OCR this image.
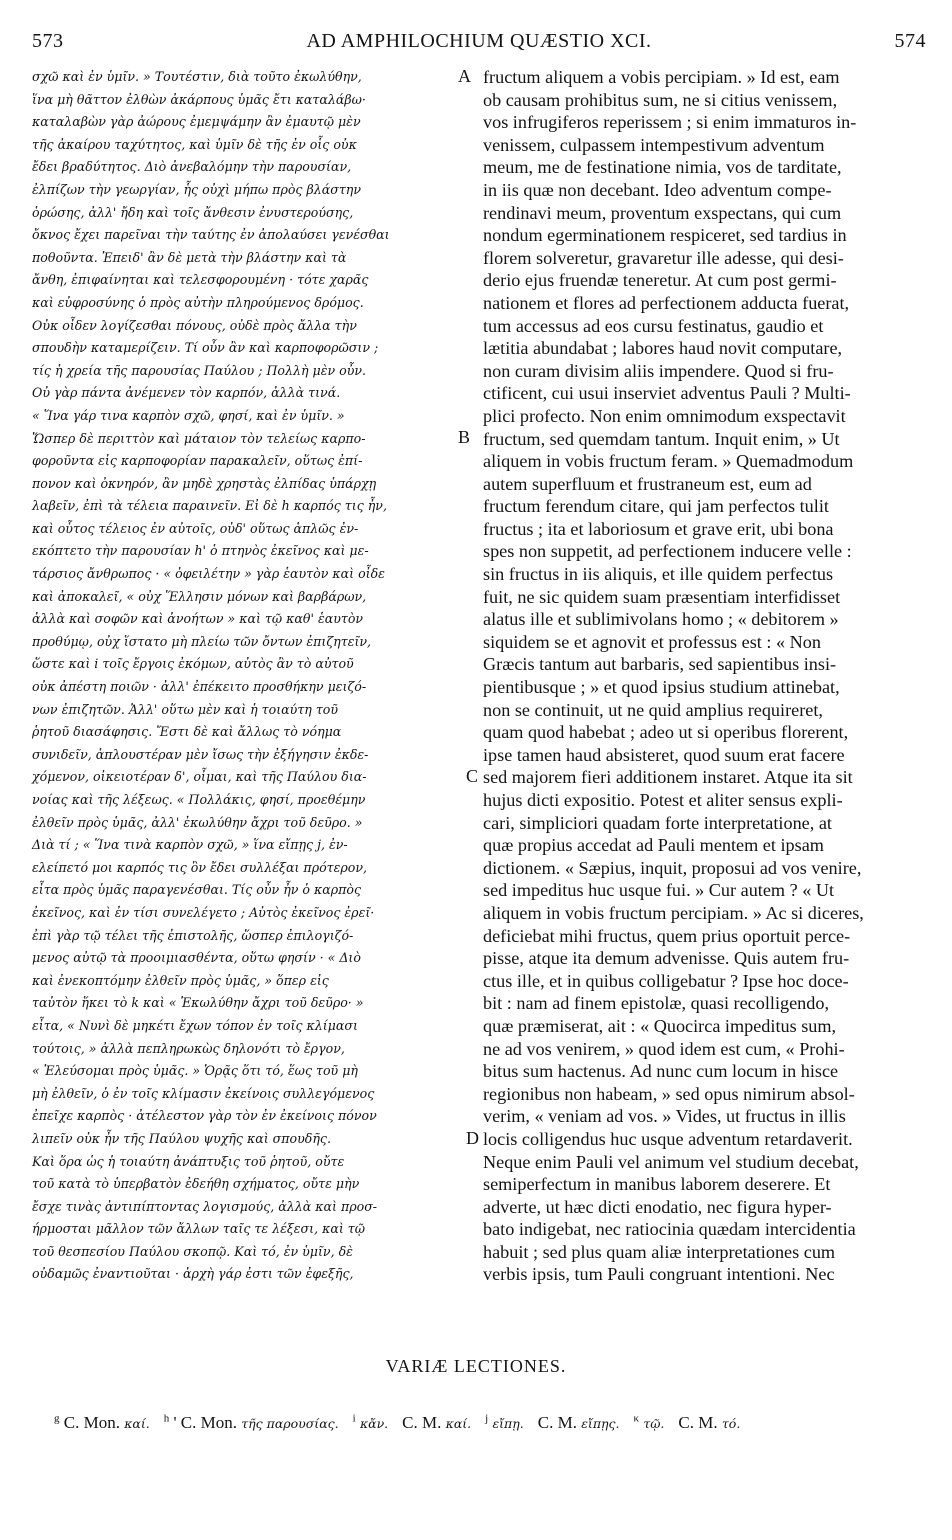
573	AD AMPHILOCHIUM QUÆSTIO XCI.	574
σχῶ καὶ ἐν ὑμῖν. » Τουτέστιν, διὰ τοῦτο ἐκωλύθην,
ἵνα μὴ θᾶττον ἐλθὼν ἀκάρπους ὑμᾶς ἔτι καταλάβω·
καταλαβὼν γὰρ ἀώρους ἐμεμψάμην ἂν ἐμαυτῷ μὲν
τῆς ἀκαίρου ταχύτητος, καὶ ὑμῖν δὲ τῆς ἐν οἷς οὐκ
ἔδει βραδύτητος. Διὸ ἀνεβαλόμην τὴν παρουσίαν,
ἐλπίζων τὴν γεωργίαν, ἧς οὐχὶ μήπω πρὸς βλάστην
ὁρώσης, ἀλλ' ἤδη καὶ τοῖς ἄνθεσιν ἐνυστερούσης,
ὄκνος ἔχει παρεῖναι τὴν ταύτης ἐν ἀπολαύσει γενέσθαι
ποθοῦντα. Ἐπειδ' ἂν δὲ μετὰ τὴν βλάστην καὶ τὰ
ἄνθη, ἐπιφαίνηται καὶ τελεσφορουμένη · τότε χαρᾶς
καὶ εὐφροσύνης ὁ πρὸς αὐτὴν πληρούμενος δρόμος.
Οὐκ οἶδεν λογίζεσθαι πόνους, οὐδὲ πρὸς ἄλλα τὴν
σπουδὴν καταμερίζειν. Τί οὖν ἂν καὶ καρποφορῶσιν ;
τίς ἡ χρεία τῆς παρουσίας Παύλου ; Πολλὴ μὲν οὖν.
Οὐ γὰρ πάντα ἀνέμενεν τὸν καρπόν, ἀλλὰ τινά.
« Ἵνα γάρ τινα καρπὸν σχῶ, φησί, καὶ ἐν ὑμῖν. »
Ὥσπερ δὲ περιττὸν καὶ μάταιον τὸν τελείως καρπο-
φοροῦντα εἰς καρποφορίαν παρακαλεῖν, οὕτως ἐπί-
πονον καὶ ὀκνηρόν, ἂν μηδὲ χρηστὰς ἐλπίδας ὑπάρχῃ
λαβεῖν, ἐπὶ τὰ τέλεια παραινεῖν. Εἰ δὲ h καρπός τις ἦν,
καὶ οὗτος τέλειος ἐν αὐτοῖς, οὐδ' οὕτως ἁπλῶς ἐν-
εκόπτετο τὴν παρουσίαν h' ὁ πτηνὸς ἐκεῖνος καὶ με-
τάρσιος ἄνθρωπος · « ὀφειλέτην » γὰρ ἑαυτὸν καὶ οἶδε
καὶ ἀποκαλεῖ, « οὐχ Ἕλλησιν μόνων καὶ βαρβάρων,
ἀλλὰ καὶ σοφῶν καὶ ἀνοήτων » καὶ τῷ καθ' ἑαυτὸν
προθύμῳ, οὐχ ἵστατο μὴ πλείω τῶν ὄντων ἐπιζητεῖν,
ὥστε καὶ i τοῖς ἔργοις ἐκόμων, αὐτὸς ἂν τὸ αὐτοῦ
οὐκ ἀπέστη ποιῶν · ἀλλ' ἐπέκειτο προσθήκην μειζό-
νων ἐπιζητῶν. Ἀλλ' οὕτω μὲν καὶ ἡ τοιαύτη τοῦ
ῥητοῦ διασάφησις. Ἔστι δὲ καὶ ἄλλως τὸ νόημα
συνιδεῖν, ἁπλουστέραν μὲν ἴσως τὴν ἐξήγησιν ἐκδε-
χόμενον, οἰκειοτέραν δ', οἶμαι, καὶ τῆς Παύλου δια-
νοίας καὶ τῆς λέξεως. « Πολλάκις, φησί, προεθέμην
ἐλθεῖν πρὸς ὑμᾶς, ἀλλ' ἐκωλύθην ἄχρι τοῦ δεῦρο. »
Διὰ τί ; « Ἵνα τινὰ καρπὸν σχῶ, » ἵνα εἴπῃς j, ἐν-
ελείπετό μοι καρπός τις ὃν ἔδει συλλέξαι πρότερον,
εἶτα πρὸς ὑμᾶς παραγενέσθαι. Τίς οὖν ἦν ὁ καρπὸς
ἐκεῖνος, καὶ ἐν τίσι συνελέγετο ; Αὐτὸς ἐκεῖνος ἐρεῖ·
ἐπὶ γὰρ τῷ τέλει τῆς ἐπιστολῆς, ὥσπερ ἐπιλογιζό-
μενος αὐτῷ τὰ προοιμιασθέντα, οὕτω φησίν · « Διὸ
καὶ ἐνεκοπτόμην ἐλθεῖν πρὸς ὑμᾶς, » ὅπερ εἰς
ταὐτὸν ἥκει τὸ k καὶ « Ἐκωλύθην ἄχρι τοῦ δεῦρο· »
εἶτα, « Νυνὶ δὲ μηκέτι ἔχων τόπον ἐν τοῖς κλίμασι
τούτοις, » ἀλλὰ πεπληρωκὼς δηλονότι τὸ ἔργον,
« Ἐλεύσομαι πρὸς ὑμᾶς. » Ὁρᾷς ὅτι τό, ἕως τοῦ μὴ
μὴ ἐλθεῖν, ὁ ἐν τοῖς κλίμασιν ἐκείνοις συλλεγόμενος
ἐπεῖχε καρπὸς · ἀτέλεστον γὰρ τὸν ἐν ἐκείνοις πόνον
λιπεῖν οὐκ ἦν τῆς Παύλου ψυχῆς καὶ σπουδῆς.
Καὶ ὅρα ὡς ἡ τοιαύτη ἀνάπτυξις τοῦ ῥητοῦ, οὔτε
τοῦ κατὰ τὸ ὑπερβατὸν ἐδεήθη σχήματος, οὔτε μὴν
ἔσχε τινὰς ἀντιπίπτοντας λογισμούς, ἀλλὰ καὶ προσ-
ήρμοσται μᾶλλον τῶν ἄλλων ταῖς τε λέξεσι, καὶ τῷ
τοῦ θεσπεσίου Παύλου σκοπῷ. Καὶ τό, ἐν ὑμῖν, δὲ
οὐδαμῶς ἐναντιοῦται · ἀρχὴ γάρ ἐστι τῶν ἐφεξῆς,
fructum aliquem a vobis percipiam. » Id est, eam
ob causam prohibitus sum, ne si citius venissem,
vos infrugiferos reperissem ; si enim immaturos in-
venissem, culpassem intempestivum adventum
meum, me de festinatione nimia, vos de tarditate,
in iis quæ non decebant. Ideo adventum compe-
rendinavi meum, proventum exspectans, qui cum
nondum egerminationem respiceret, sed tardius in
florem solveretur, gravaretur ille adesse, qui desi-
derio ejus fruendæ teneretur. At cum post germi-
nationem et flores ad perfectionem adducta fuerat,
tum accessus ad eos cursu festinatus, gaudio et
lætitia abundabat ; labores haud novit computare,
non curam divisim aliis impendere. Quod si fru-
ctificent, cui usui inserviet adventus Pauli ? Multi-
plici profecto. Non enim omnimodum exspectavit
fructum, sed quemdam tantum. Inquit enim, » Ut
aliquem in vobis fructum feram. » Quemadmodum
autem superfluum et frustraneum est, eum ad
fructum ferendum citare, qui jam perfectos tulit
fructus ; ita et laboriosum et grave erit, ubi bona
spes non suppetit, ad perfectionem inducere velle :
sin fructus in iis aliquis, et ille quidem perfectus
fuit, ne sic quidem suam præsentiam interfidisset
alatus ille et sublimivolans homo ; « debitorem »
siquidem se et agnovit et professus est : « Non
Græcis tantum aut barbaris, sed sapientibus insi-
pientibusque ; » et quod ipsius studium attinebat,
non se continuit, ut ne quid amplius requireret,
quam quod habebat ; adeo ut si operibus florerent,
ipse tamen haud absisteret, quod suum erat facere
sed majorem fieri additionem instaret. Atque ita sit
hujus dicti expositio. Potest et aliter sensus expli-
cari, simpliciori quadam forte interpretatione, at
quæ propius accedat ad Pauli mentem et ipsam
dictionem. « Sæpius, inquit, proposui ad vos venire,
sed impeditus huc usque fui. » Cur autem ? « Ut
aliquem in vobis fructum percipiam. » Ac si diceres,
deficiebat mihi fructus, quem prius oportuit perce-
pisse, atque ita demum advenisse. Quis autem fru-
ctus ille, et in quibus colligebatur ? Ipse hoc doce-
bit : nam ad finem epistolæ, quasi recolligendo,
quæ præmiserat, ait : « Quocirca impeditus sum,
ne ad vos venirem, » quod idem est cum, « Prohi-
bitus sum hactenus. Ad nunc cum locum in hisce
regionibus non habeam, » sed opus nimirum absol-
verim, « veniam ad vos. » Vides, ut fructus in illis
locis colligendus huc usque adventum retardaverit.
Neque enim Pauli vel animum vel studium decebat,
semiperfectum in manibus laborem deserere. Et
adverte, ut hæc dicti enodatio, nec figura hyper-
bato indigebat, nec ratiocinia quædam intercidentia
habuit ; sed plus quam aliæ interpretationes cum
verbis ipsis, tum Pauli congruant intentioni. Nec
A
B
C
D
VARIÆ LECTIONES.
$^g$ C. Mon. καί. $^h$ ' C. Mon. τῆς παρουσίας. $^i$ κἄν. C. M. καί. $^j$ εἴπῃ. C. M. εἴπῃς. $^\kappa$ τῷ. C. M. τό.
